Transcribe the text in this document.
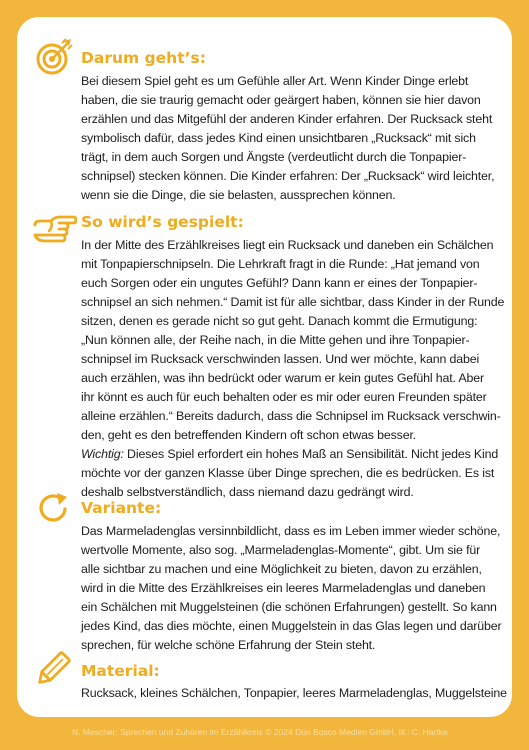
Darum geht’s:
Bei diesem Spiel geht es um Gefühle aller Art. Wenn Kinder Dinge erlebt
haben, die sie traurig gemacht oder geärgert haben, können sie hier davon
erzählen und das Mitgefühl der anderen Kinder erfahren. Der Rucksack steht
symbolisch dafür, dass jedes Kind einen unsichtbaren „Rucksack“ mit sich
trägt, in dem auch Sorgen und Ängste (verdeutlicht durch die Tonpapier-
schnipsel) stecken können. Die Kinder erfahren: Der „Rucksack“ wird leichter,
wenn sie die Dinge, die sie belasten, aussprechen können.
So wird’s gespielt:
In der Mitte des Erzählkreises liegt ein Rucksack und daneben ein Schälchen
mit Tonpapierschnipseln. Die Lehrkraft fragt in die Runde: „Hat jemand von
euch Sorgen oder ein ungutes Gefühl? Dann kann er eines der Tonpapier-
schnipsel an sich nehmen.“ Damit ist für alle sichtbar, dass Kinder in der Runde
sitzen, denen es gerade nicht so gut geht. Danach kommt die Ermutigung:
„Nun können alle, der Reihe nach, in die Mitte gehen und ihre Tonpapier-
schnipsel im Rucksack verschwinden lassen. Und wer möchte, kann dabei
auch erzählen, was ihn bedrückt oder warum er kein gutes Gefühl hat. Aber
ihr könnt es auch für euch behalten oder es mir oder euren Freunden später
alleine erzählen.“ Bereits dadurch, dass die Schnipsel im Rucksack verschwin-
den, geht es den betreffenden Kindern oft schon etwas besser.
Wichtig: Dieses Spiel erfordert ein hohes Maß an Sensibilität. Nicht jedes Kind
möchte vor der ganzen Klasse über Dinge sprechen, die es bedrücken. Es ist
deshalb selbstverständlich, dass niemand dazu gedrängt wird.
Variante:
Das Marmeladenglas versinnbildlicht, dass es im Leben immer wieder schöne,
wertvolle Momente, also sog. „Marmeladenglas-Momente“, gibt. Um sie für
alle sichtbar zu machen und eine Möglichkeit zu bieten, davon zu erzählen,
wird in die Mitte des Erzählkreises ein leeres Marmeladenglas und daneben
ein Schälchen mit Muggelsteinen (die schönen Erfahrungen) gestellt. So kann
jedes Kind, das dies möchte, einen Muggelstein in das Glas legen und darüber
sprechen, für welche schöne Erfahrung der Stein steht.
Material:
Rucksack, kleines Schälchen, Tonpapier, leeres Marmeladenglas, Muggelsteine
N. Mescher: Sprechen und Zuhören im Erzählkreis © 2024 Don Bosco Medien GmbH, Ill.: C. Hartke
